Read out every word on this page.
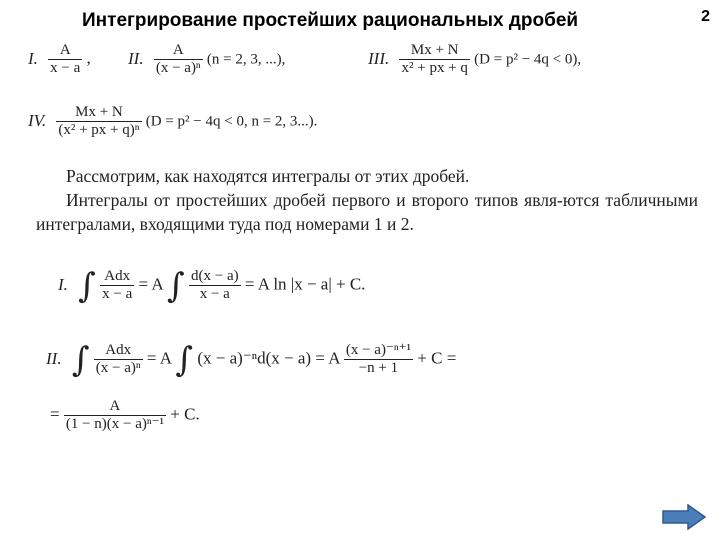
Интегрирование простейших рациональных дробей	2
I. $\frac{A}{x - a}$ , II. $\frac{A}{\text{(x − a)ⁿ}} (n = 2$, 3, ...),	III. $\frac{Mx + N}{\text{x² + px + q}} (D = p^2 - 4q < 0)$,
IV. $\frac{Mx + N}{\text{(x² + px + q)ⁿ}} (D = p^2 - 4q < 0$, n = 2, 3...).

Рассмотрим, как находятся интегралы от этих дробей.

Интегралы от простейших дробей первого и второго типов явля-ются табличными интегралами, входящими туда под номерами 1 и 2.

I. ∫ $\frac{\text{Adx}}{x - a} = A$ ∫ $\frac{d(x - a)}{x - a} = A$ ln |x − a| + C.
II. ∫ $\frac{\text{Adx}}{\text{(x − a)ⁿ}} = A$ ∫ (x − a)⁻ⁿd(x − a) = A $\frac{\text{(x − a)⁻ⁿ⁺¹}}{-n + 1} + C$ =
= $\frac{A}{\text{(1 − n)(x − a)ⁿ⁻¹}} + C$.
